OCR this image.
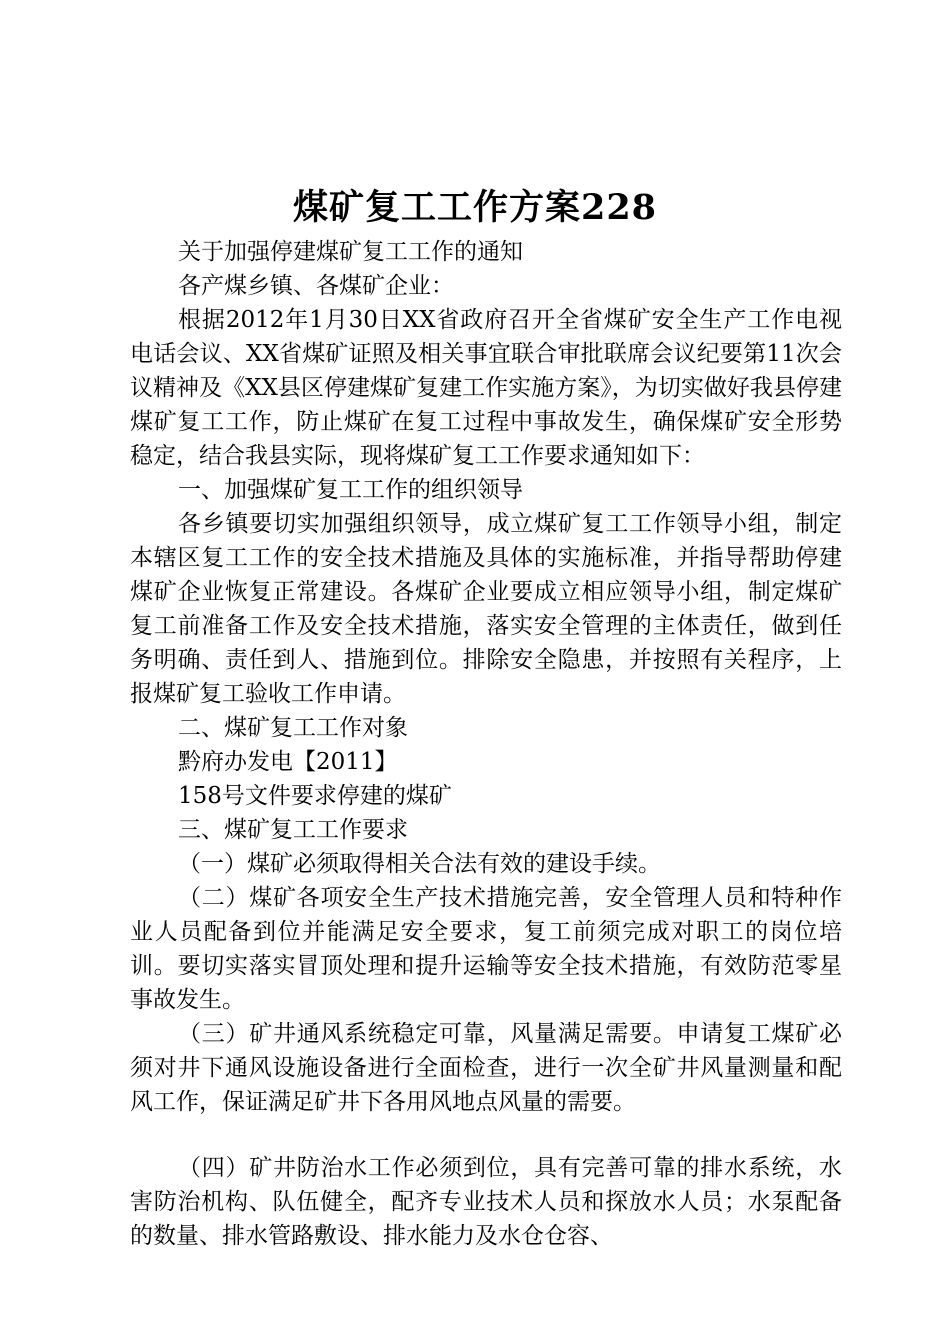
煤矿复工工作方案228

关于加强停建煤矿复工工作的通知

各产煤乡镇、各煤矿企业：

根据2012年1月30日XX省政府召开全省煤矿安全生产工作电视电话会议、XX省煤矿证照及相关事宜联合审批联席会议纪要第11次会议精神及《XX县区停建煤矿复建工作实施方案》，为切实做好我县停建煤矿复工工作，防止煤矿在复工过程中事故发生，确保煤矿安全形势稳定，结合我县实际，现将煤矿复工工作要求通知如下：

一、加强煤矿复工工作的组织领导

各乡镇要切实加强组织领导，成立煤矿复工工作领导小组，制定本辖区复工工作的安全技术措施及具体的实施标准，并指导帮助停建煤矿企业恢复正常建设。各煤矿企业要成立相应领导小组，制定煤矿复工前准备工作及安全技术措施，落实安全管理的主体责任，做到任务明确、责任到人、措施到位。排除安全隐患，并按照有关程序，上报煤矿复工验收工作申请。

二、煤矿复工工作对象

黔府办发电【2011】

158号文件要求停建的煤矿

三、煤矿复工工作要求

（一）煤矿必须取得相关合法有效的建设手续。

（二）煤矿各项安全生产技术措施完善，安全管理人员和特种作业人员配备到位并能满足安全要求，复工前须完成对职工的岗位培训。要切实落实冒顶处理和提升运输等安全技术措施，有效防范零星事故发生。

（三）矿井通风系统稳定可靠，风量满足需要。申请复工煤矿必须对井下通风设施设备进行全面检查，进行一次全矿井风量测量和配风工作，保证满足矿井下各用风地点风量的需要。

（四）矿井防治水工作必须到位，具有完善可靠的排水系统，水害防治机构、队伍健全，配齐专业技术人员和探放水人员；水泵配备的数量、排水管路敷设、排水能力及水仓仓容、
